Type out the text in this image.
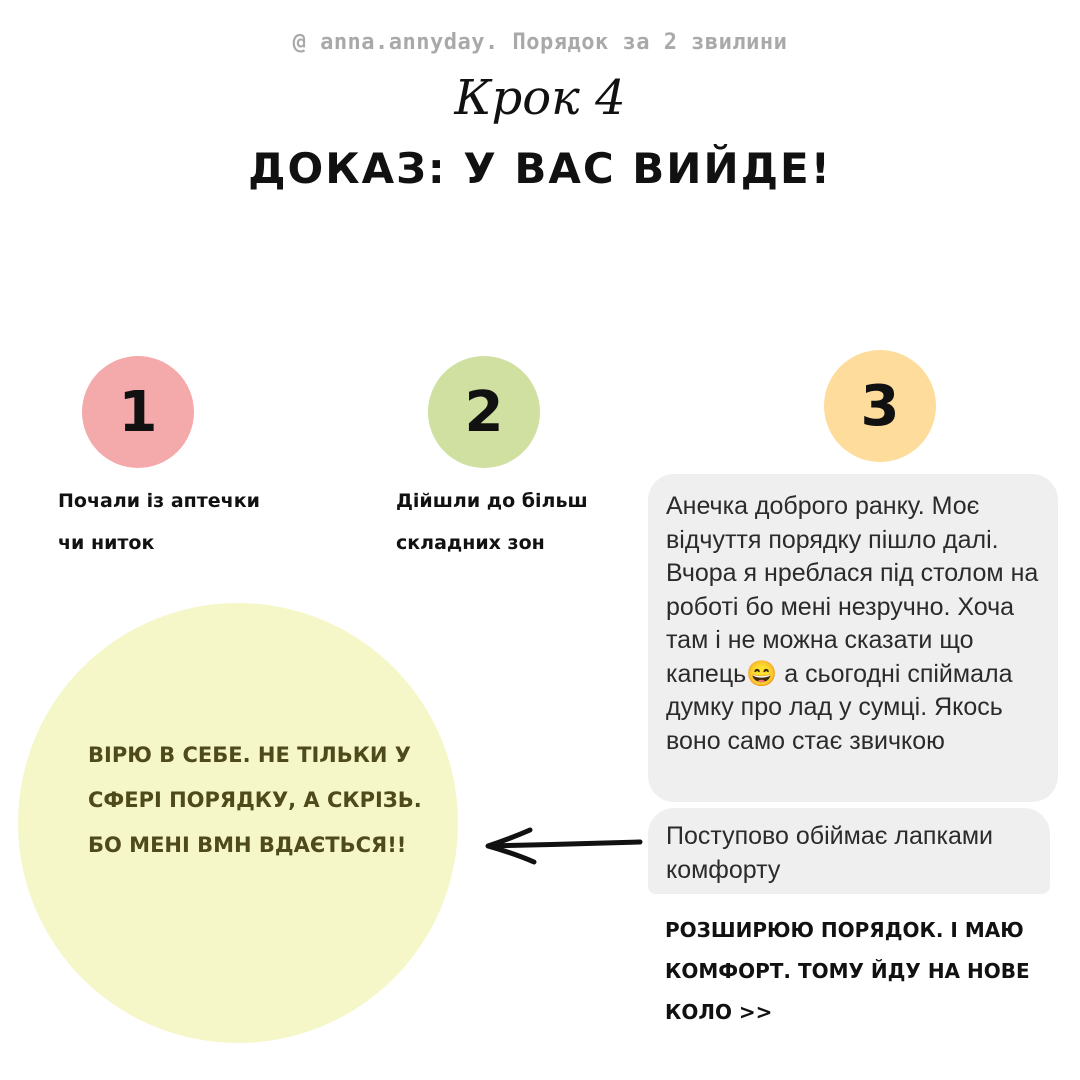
@ anna.annyday. Порядок за 2 звилини
Крок 4
ДОКАЗ: У ВАС ВИЙДЕ!
1	2	3
Почали із аптечки
чи ниток
Дійшли до більш
складних зон
Анечка доброго ранку. Моє відчуття порядку пішло далі. Вчора я нреблася під столом на роботі бо мені незручно. Хоча там і не можна сказати що капець😄 а сьогодні спіймала думку про лад у сумці. Якось воно само стає звичкою
Поступово обіймає лапками комфорту
ВІРЮ В СЕБЕ. НЕ ТІЛЬКИ У СФЕРІ ПОРЯДКУ, А СКРІЗЬ. БО МЕНІ ВМН ВДАЄТЬСЯ!!
РОЗШИРЮЮ ПОРЯДОК. І МАЮ КОМФОРТ. ТОМУ ЙДУ НА НОВЕ КОЛО >>
